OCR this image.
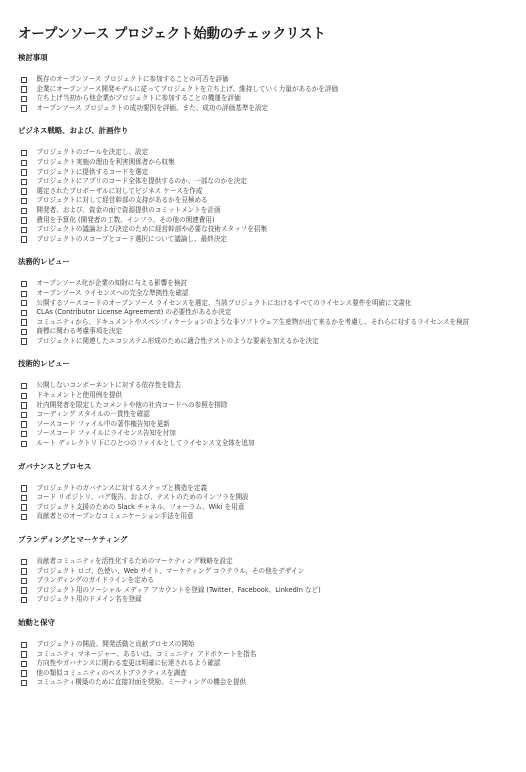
オープンソース プロジェクト始動のチェックリスト
検討事項
既存のオープンソース プロジェクトに参加することの可否を評価
企業にオープンソース開発モデルに従ってプロジェクトを立ち上げ、維持していく力量があるかを評価
立ち上げ当初から他企業がプロジェクトに参加することの機運を評価
オープンソース プロジェクトの成功要因を評価、また、成功の評価基準を設定
ビジネス戦略、および、計画作り
プロジェクトのゴールを決定し、設定
プロジェクト実施の理由を利害関係者から収集
プロジェクトに提供するコードを選定
プロジェクトにアプリのコード全体を提供するのか、一部なのかを決定
選定されたプロポーザルに対してビジネス ケースを作成
プロジェクトに対して経営幹部の支持があるかを見極める
開発者、および、資金の面で資源提供のコミットメントを計画
費用を予算化 (開発者の工数、インフラ、その他の関連費用)
プロジェクトの議論および決定のために経営幹部や必要な技術スタッフを招集
プロジェクトのスコープとコード選択について議論し、最終決定
法務的レビュー
オープンソース化が企業の知財に与える影響を検討
オープンソース ライセンスへの完全な準拠性を確認
公開するソースコードのオープンソース ライセンスを選定、当該プロジェクトにおけるすべてのライセンス要件を明確に文書化
CLAs (Contributor License Agreement) の必要性があるか決定
コミュニティから、ドキュメントやスペシフィケーションのような非ソフトウェア生産物が出て来るかを考慮し、それらに対するライセンスを検討
商標に関わる考慮事項を決定
プロジェクトに関連したエコシステム形成のために適合性テストのような要素を加えるかを決定
技術的レビュー
公開しないコンポーネントに対する依存性を除去
ドキュメントと使用例を提供
社内開発者を限定したコメントや他の社内コードへの参照を排除
コーディング スタイルの一貫性を確認
ソースコード ファイル中の著作権告知を更新
ソースコード ファイルにライセンス告知を付加
ルート ディレクトリ下にひとつのファイルとしてライセンス文全体を追加
ガバナンスとプロセス
プロジェクトのガバナンスに対するステップと構造を定義
コード リポジトリ、バグ報告、および、テストのためのインフラを開設
プロジェクト支援のための Slack チャネル、フォーラム、Wiki を用意
貢献者とのオープンなコミュニケーション手法を用意
ブランディングとマーケティング
貢献者コミュニティを活性化するためのマーケティング戦略を設定
プロジェクト ロゴ、色使い、Web サイト、マーケティング コラテラル、その他をデザイン
ブランディングのガイドラインを定める
プロジェクト用のソーシャル メディア アカウントを登録 (Twitter、Facebook、LinkedIn など)
プロジェクト用のドメイン名を登録
始動と保守
プロジェクトの開設、開発活動と貢献プロセスの開始
コミュニティ マネージャー、あるいは、コミュニティ アドボケートを指名
方向性やガバナンスに関わる変更は明確に伝達されるよう確認
他の類似コミュニティのベストプラクティスを調査
コミュニティ構築のために直接対面を奨励、ミーティングの機会を提供
